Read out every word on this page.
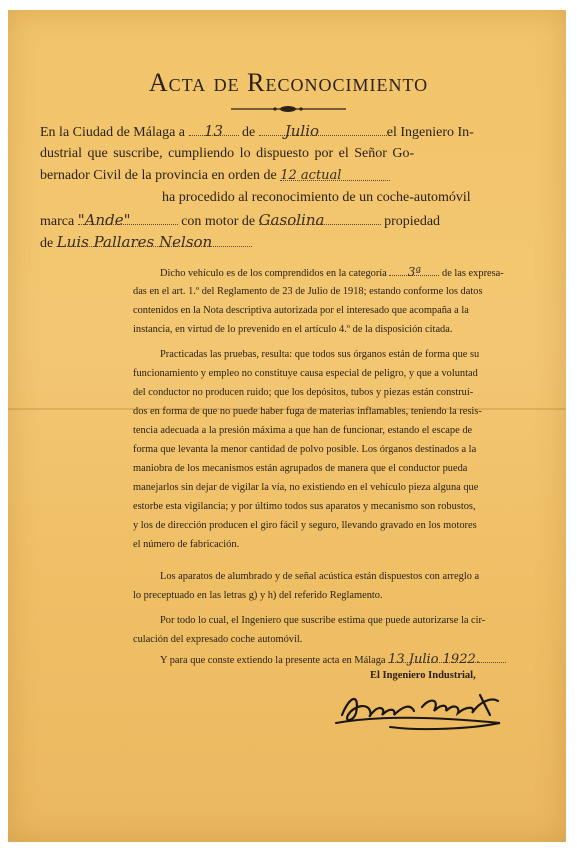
Acta de Reconocimiento
En la Ciudad de Málaga a 13 de Julio	el Ingeniero In-
dustrial que suscribe, cumpliendo lo dispuesto por el Señor Go-
bernador Civil de la provincia en orden de 12 actual
ha procedido al reconocimiento de un coche-automóvil
marca "Ande"	con motor de Gasolina	propiedad
de Luis Pallares Nelson
Dicho vehículo es de los comprendidos en la categoría 3ª de las expresa-
das en el art. 1.º del Reglamento de 23 de Julio de 1918; estando conforme los datos
contenidos en la Nota descriptiva autorizada por el interesado que acompaña a la
instancia, en virtud de lo prevenido en el artículo 4.º de la disposición citada.
Practicadas las pruebas, resulta: que todos sus órganos están de forma que su
funcionamiento y empleo no constituye causa especial de peligro, y que a voluntad
del conductor no producen ruido; que los depósitos, tubos y piezas están construí-
dos en forma de que no puede haber fuga de materias inflamables, teniendo la resis-
tencia adecuada a la presión máxima a que han de funcionar, estando el escape de
forma que levanta la menor cantidad de polvo posible. Los órganos destinados a la
maniobra de los mecanismos están agrupados de manera que el conductor pueda
manejarlos sin dejar de vigilar la vía, no existiendo en el vehículo pieza alguna que
estorbe esta vigilancia; y por último todos sus aparatos y mecanismo son robustos,
y los de dirección producen el giro fácil y seguro, llevando gravado en los motores
el número de fabricación.
Los aparatos de alumbrado y de señal acústica están dispuestos con arreglo a
lo preceptuado en las letras g) y h) del referido Reglamento.
Por todo lo cual, el Ingeniero que suscribe estima que puede autorizarse la cir-
culación del expresado coche automóvil.
Y para que conste extiendo la presente acta en Málaga 13 Julio 1922.
El Ingeniero Industrial,
